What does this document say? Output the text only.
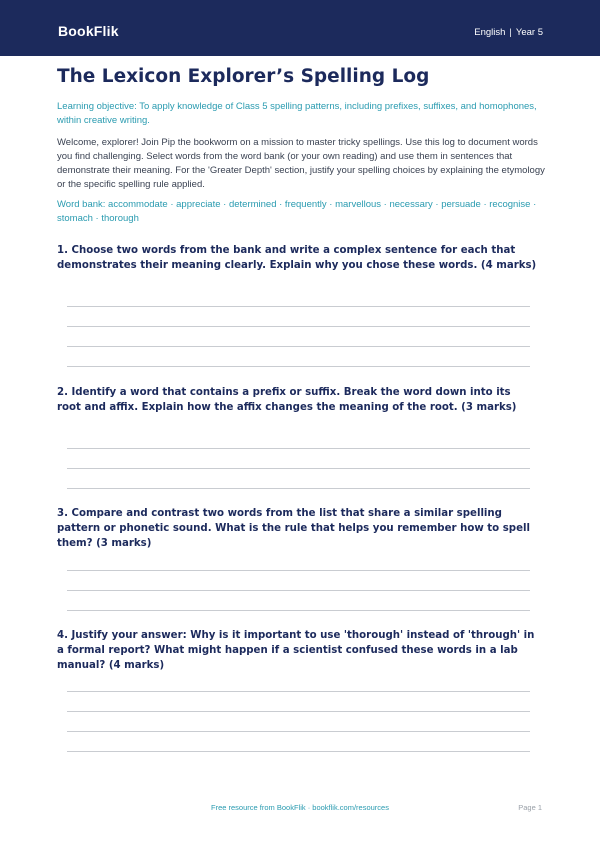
BookFlik	English | Year 5
The Lexicon Explorer’s Spelling Log
Learning objective: To apply knowledge of Class 5 spelling patterns, including prefixes, suffixes, and homophones, within creative writing.
Welcome, explorer! Join Pip the bookworm on a mission to master tricky spellings. Use this log to document words you find challenging. Select words from the word bank (or your own reading) and use them in sentences that demonstrate their meaning. For the 'Greater Depth' section, justify your spelling choices by explaining the etymology or the specific spelling rule applied.
Word bank: accommodate · appreciate · determined · frequently · marvellous · necessary · persuade · recognise · stomach · thorough
1. Choose two words from the bank and write a complex sentence for each that demonstrates their meaning clearly. Explain why you chose these words. (4 marks)
2. Identify a word that contains a prefix or suffix. Break the word down into its root and affix. Explain how the affix changes the meaning of the root. (3 marks)
3. Compare and contrast two words from the list that share a similar spelling pattern or phonetic sound. What is the rule that helps you remember how to spell them? (3 marks)
4. Justify your answer: Why is it important to use 'thorough' instead of 'through' in a formal report? What might happen if a scientist confused these words in a lab manual? (4 marks)
Free resource from BookFlik · bookflik.com/resources	Page 1
